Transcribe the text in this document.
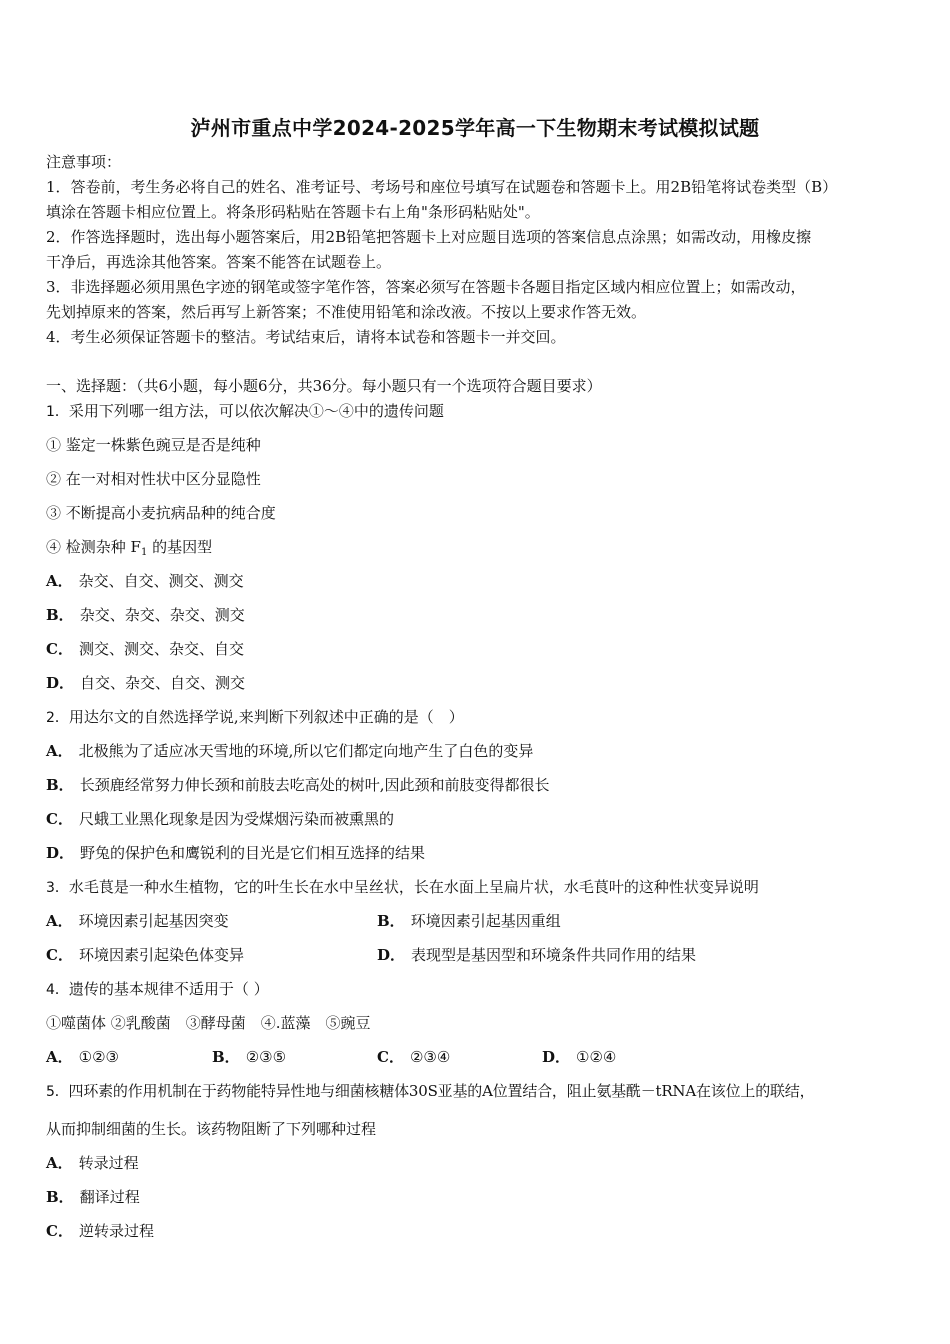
泸州市重点中学2024-2025学年高一下生物期末考试模拟试题
注意事项：
1．答卷前，考生务必将自己的姓名、准考证号、考场号和座位号填写在试题卷和答题卡上。用2B铅笔将试卷类型（B）
填涂在答题卡相应位置上。将条形码粘贴在答题卡右上角"条形码粘贴处"。
2．作答选择题时，选出每小题答案后，用2B铅笔把答题卡上对应题目选项的答案信息点涂黑；如需改动，用橡皮擦
干净后，再选涂其他答案。答案不能答在试题卷上。
3．非选择题必须用黑色字迹的钢笔或签字笔作答，答案必须写在答题卡各题目指定区域内相应位置上；如需改动，
先划掉原来的答案，然后再写上新答案；不准使用铅笔和涂改液。不按以上要求作答无效。
4．考生必须保证答题卡的整洁。考试结束后，请将本试卷和答题卡一并交回。
一、选择题：（共6小题，每小题6分，共36分。每小题只有一个选项符合题目要求）
1．采用下列哪一组方法，可以依次解决①～④中的遗传问题
① 鉴定一株紫色豌豆是否是纯种
② 在一对相对性状中区分显隐性
③ 不断提高小麦抗病品种的纯合度
④ 检测杂种 $F_1$ 的基因型
A． 杂交、自交、测交、测交
B． 杂交、杂交、杂交、测交
C． 测交、测交、杂交、自交
D． 自交、杂交、自交、测交
2．用达尔文的自然选择学说,来判断下列叙述中正确的是（　）
A． 北极熊为了适应冰天雪地的环境,所以它们都定向地产生了白色的变异
B． 长颈鹿经常努力伸长颈和前肢去吃高处的树叶,因此颈和前肢变得都很长
C． 尺蛾工业黑化现象是因为受煤烟污染而被熏黑的
D． 野兔的保护色和鹰锐利的目光是它们相互选择的结果
3．水毛茛是一种水生植物，它的叶生长在水中呈丝状，长在水面上呈扁片状，水毛茛叶的这种性状变异说明
A． 环境因素引起基因突变	B． 环境因素引起基因重组
C． 环境因素引起染色体变异	D． 表现型是基因型和环境条件共同作用的结果
4．遗传的基本规律不适用于（ ）
①噬菌体 ②乳酸菌　③酵母菌　④.蓝藻　⑤豌豆
A． ①②③	B． ②③⑤	C． ②③④	D． ①②④
5．四环素的作用机制在于药物能特异性地与细菌核糖体30S亚基的A位置结合，阻止氨基酰－tRNA在该位上的联结，
从而抑制细菌的生长。该药物阻断了下列哪种过程
A． 转录过程
B． 翻译过程
C． 逆转录过程
